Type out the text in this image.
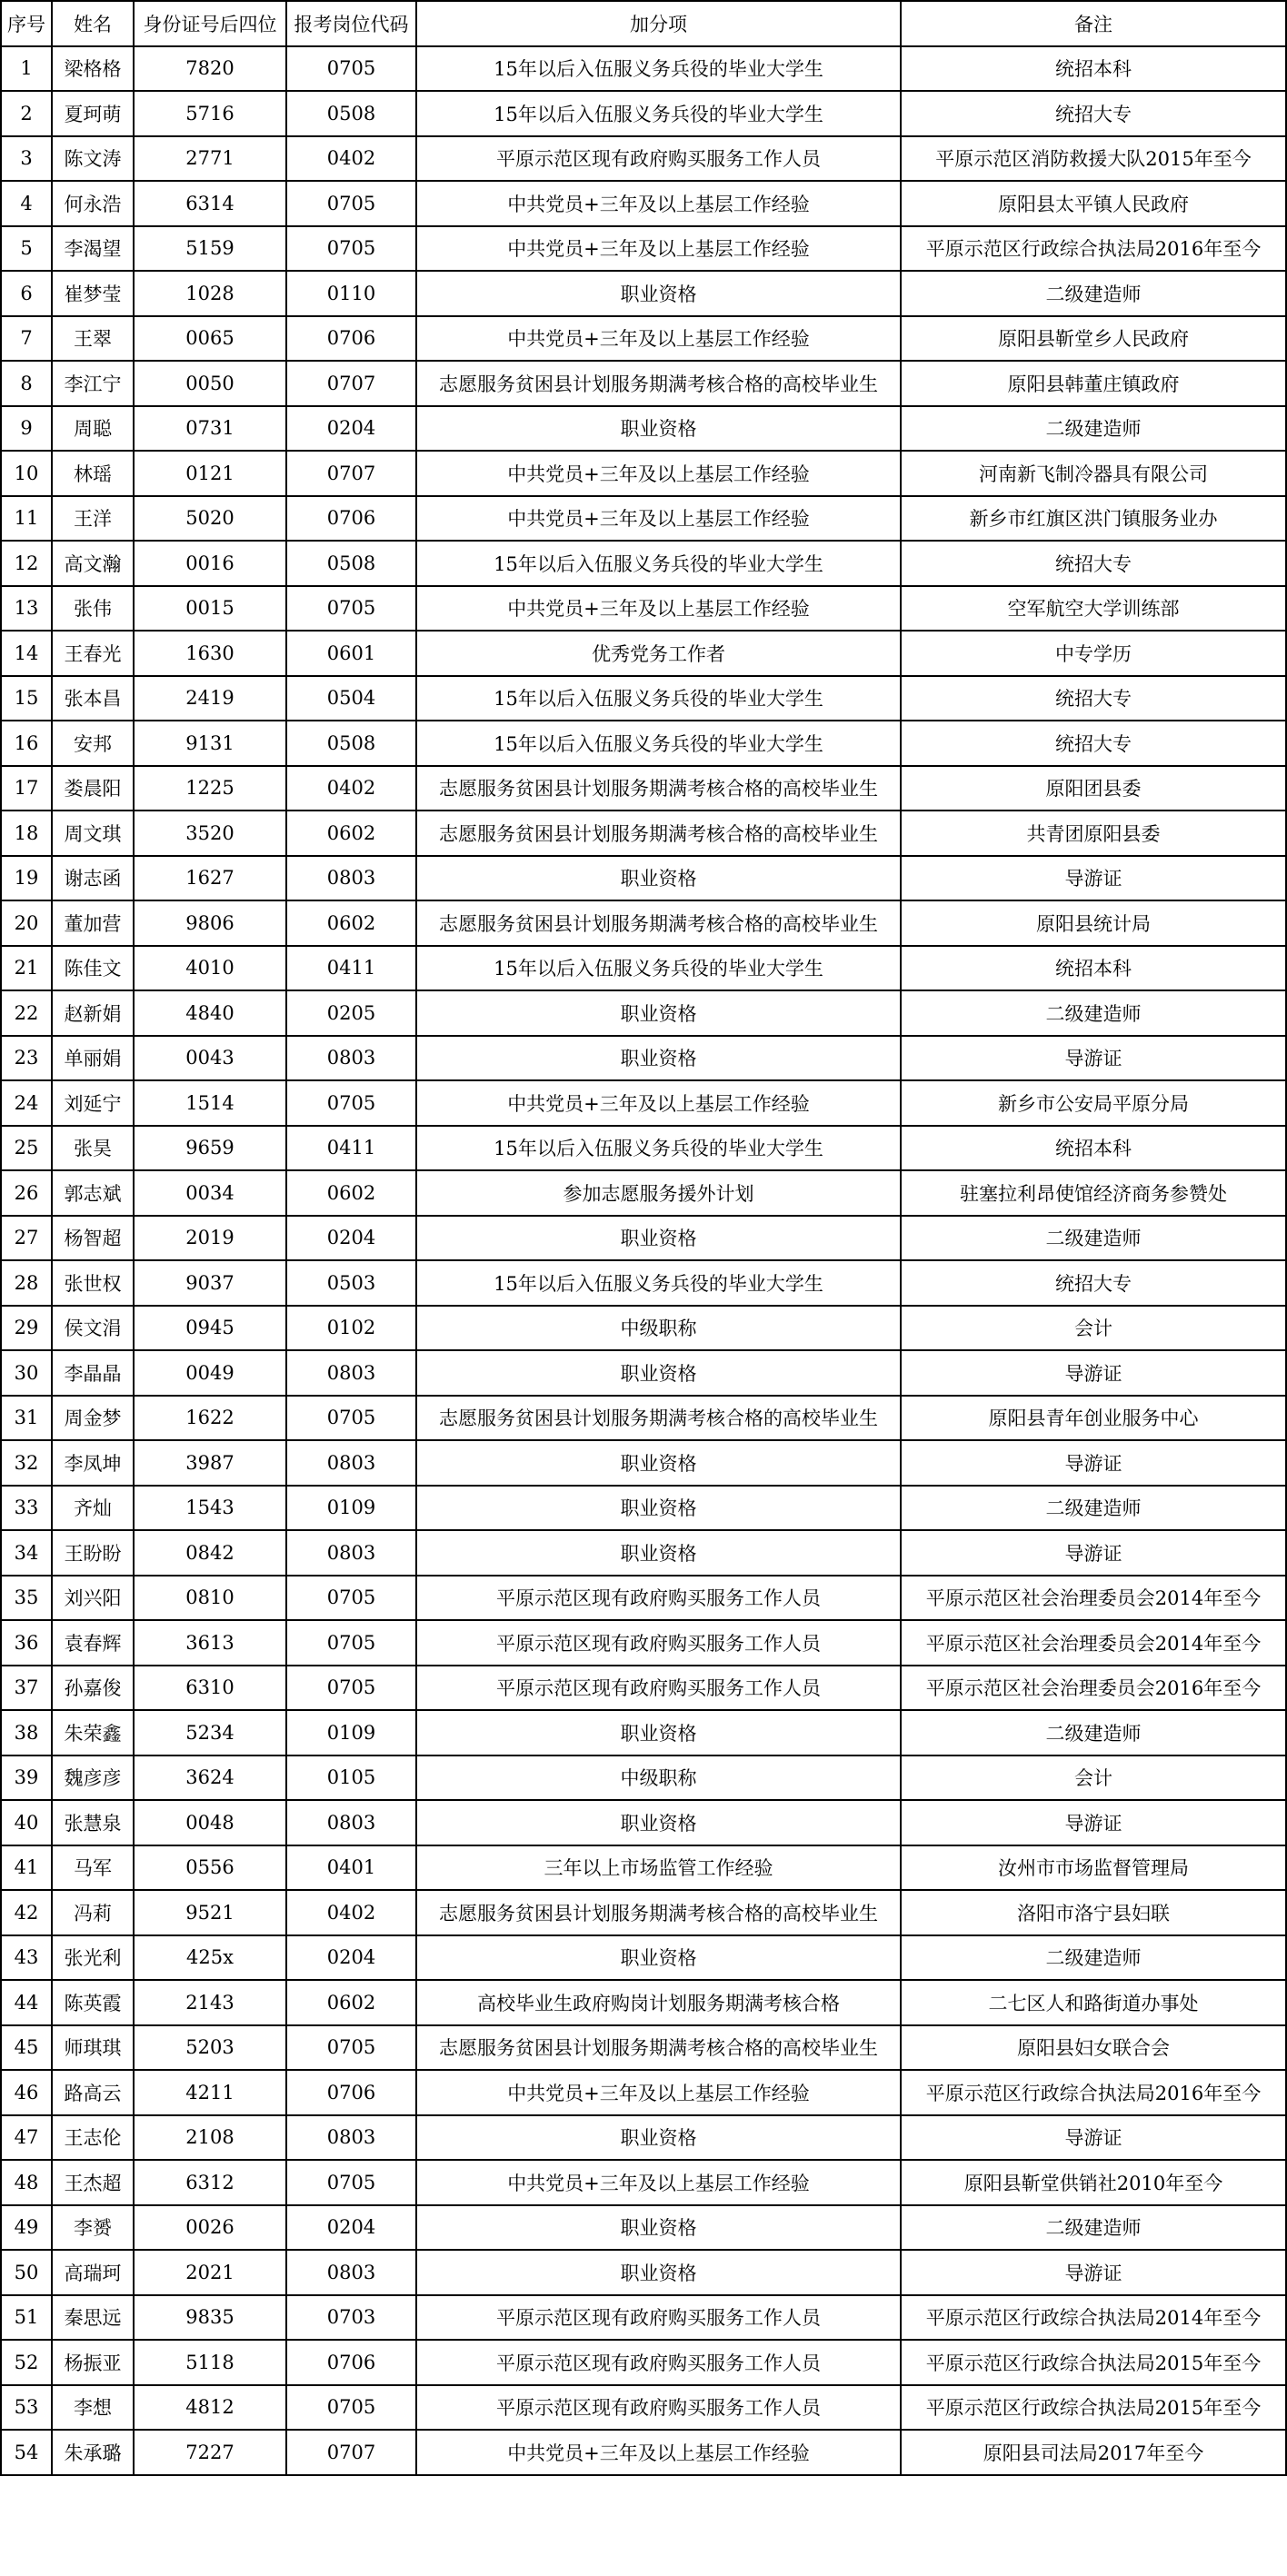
序号	姓名	身份证号后四位	报考岗位代码	加分项	备注
1	梁格格	7820	0705	15年以后入伍服义务兵役的毕业大学生	统招本科
2	夏珂萌	5716	0508	15年以后入伍服义务兵役的毕业大学生	统招大专
3	陈文涛	2771	0402	平原示范区现有政府购买服务工作人员	平原示范区消防救援大队2015年至今
4	何永浩	6314	0705	中共党员+三年及以上基层工作经验	原阳县太平镇人民政府
5	李渴望	5159	0705	中共党员+三年及以上基层工作经验	平原示范区行政综合执法局2016年至今
6	崔梦莹	1028	0110	职业资格	二级建造师
7	王翠	0065	0706	中共党员+三年及以上基层工作经验	原阳县靳堂乡人民政府
8	李江宁	0050	0707	志愿服务贫困县计划服务期满考核合格的高校毕业生	原阳县韩董庄镇政府
9	周聪	0731	0204	职业资格	二级建造师
10	林瑶	0121	0707	中共党员+三年及以上基层工作经验	河南新飞制冷器具有限公司
11	王洋	5020	0706	中共党员+三年及以上基层工作经验	新乡市红旗区洪门镇服务业办
12	高文瀚	0016	0508	15年以后入伍服义务兵役的毕业大学生	统招大专
13	张伟	0015	0705	中共党员+三年及以上基层工作经验	空军航空大学训练部
14	王春光	1630	0601	优秀党务工作者	中专学历
15	张本昌	2419	0504	15年以后入伍服义务兵役的毕业大学生	统招大专
16	安邦	9131	0508	15年以后入伍服义务兵役的毕业大学生	统招大专
17	娄晨阳	1225	0402	志愿服务贫困县计划服务期满考核合格的高校毕业生	原阳团县委
18	周文琪	3520	0602	志愿服务贫困县计划服务期满考核合格的高校毕业生	共青团原阳县委
19	谢志函	1627	0803	职业资格	导游证
20	董加营	9806	0602	志愿服务贫困县计划服务期满考核合格的高校毕业生	原阳县统计局
21	陈佳文	4010	0411	15年以后入伍服义务兵役的毕业大学生	统招本科
22	赵新娟	4840	0205	职业资格	二级建造师
23	单丽娟	0043	0803	职业资格	导游证
24	刘延宁	1514	0705	中共党员+三年及以上基层工作经验	新乡市公安局平原分局
25	张昊	9659	0411	15年以后入伍服义务兵役的毕业大学生	统招本科
26	郭志斌	0034	0602	参加志愿服务援外计划	驻塞拉利昂使馆经济商务参赞处
27	杨智超	2019	0204	职业资格	二级建造师
28	张世权	9037	0503	15年以后入伍服义务兵役的毕业大学生	统招大专
29	侯文涓	0945	0102	中级职称	会计
30	李晶晶	0049	0803	职业资格	导游证
31	周金梦	1622	0705	志愿服务贫困县计划服务期满考核合格的高校毕业生	原阳县青年创业服务中心
32	李凤坤	3987	0803	职业资格	导游证
33	齐灿	1543	0109	职业资格	二级建造师
34	王盼盼	0842	0803	职业资格	导游证
35	刘兴阳	0810	0705	平原示范区现有政府购买服务工作人员	平原示范区社会治理委员会2014年至今
36	袁春辉	3613	0705	平原示范区现有政府购买服务工作人员	平原示范区社会治理委员会2014年至今
37	孙嘉俊	6310	0705	平原示范区现有政府购买服务工作人员	平原示范区社会治理委员会2016年至今
38	朱荣鑫	5234	0109	职业资格	二级建造师
39	魏彦彦	3624	0105	中级职称	会计
40	张慧泉	0048	0803	职业资格	导游证
41	马军	0556	0401	三年以上市场监管工作经验	汝州市市场监督管理局
42	冯莉	9521	0402	志愿服务贫困县计划服务期满考核合格的高校毕业生	洛阳市洛宁县妇联
43	张光利	425x	0204	职业资格	二级建造师
44	陈英霞	2143	0602	高校毕业生政府购岗计划服务期满考核合格	二七区人和路街道办事处
45	师琪琪	5203	0705	志愿服务贫困县计划服务期满考核合格的高校毕业生	原阳县妇女联合会
46	路高云	4211	0706	中共党员+三年及以上基层工作经验	平原示范区行政综合执法局2016年至今
47	王志伦	2108	0803	职业资格	导游证
48	王杰超	6312	0705	中共党员+三年及以上基层工作经验	原阳县靳堂供销社2010年至今
49	李赟	0026	0204	职业资格	二级建造师
50	高瑞珂	2021	0803	职业资格	导游证
51	秦思远	9835	0703	平原示范区现有政府购买服务工作人员	平原示范区行政综合执法局2014年至今
52	杨振亚	5118	0706	平原示范区现有政府购买服务工作人员	平原示范区行政综合执法局2015年至今
53	李想	4812	0705	平原示范区现有政府购买服务工作人员	平原示范区行政综合执法局2015年至今
54	朱承璐	7227	0707	中共党员+三年及以上基层工作经验	原阳县司法局2017年至今
